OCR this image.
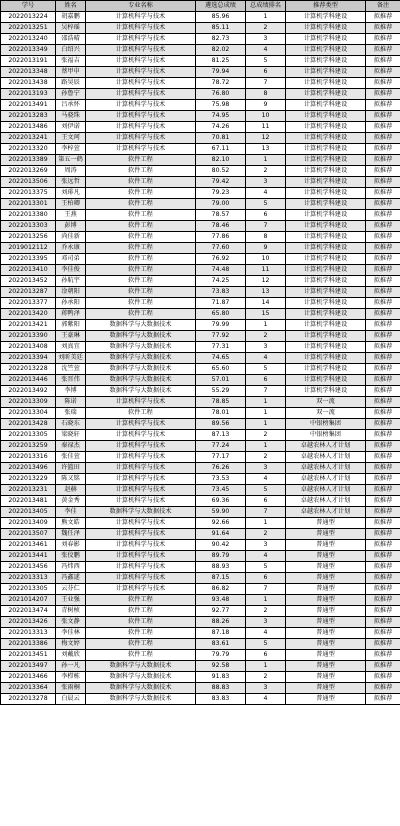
学号	姓名	专业名称	遴选总成绩	总成绩排名	推荐类型	备注
2022013224	胡嘉鹏	计算机科学与技术	85.96	1	计算机学科建设	拟推荐
2022013251	吴梓瑶	计算机科学与技术	85.11	2	计算机学科建设	拟推荐
2022013240	邵浩晴	计算机科学与技术	82.73	3	计算机学科建设	拟推荐
2022013349	白绍兴	计算机科学与技术	82.02	4	计算机学科建设	拟推荐
2022013191	张福吉	计算机科学与技术	81.25	5	计算机学科建设	拟推荐
2022013348	蔡甲申	计算机科学与技术	79.94	6	计算机学科建设	拟推荐
2022013438	路昊辰	计算机科学与技术	78.72	7	计算机学科建设	拟推荐
2022013193	孙鲁宁	计算机科学与技术	76.80	8	计算机学科建设	拟推荐
2022013491	吕承怀	计算机科学与技术	75.98	9	计算机学科建设	拟推荐
2022013283	马骁珠	计算机科学与技术	74.95	10	计算机学科建设	拟推荐
2022013486	刘伊诺	计算机科学与技术	74.26	11	计算机学科建设	拟推荐
2022013241	王文珂	计算机科学与技术	70.81	12	计算机学科建设	拟推荐
2022013320	李梓萱	计算机科学与技术	67.11	13	计算机学科建设	拟推荐
2022013389	第五一鹤	软件工程	82.10	1	计算机学科建设	拟推荐
2022013269	周涛	软件工程	80.52	2	计算机学科建设	拟推荐
2022013506	张远哲	软件工程	79.42	3	计算机学科建设	拟推荐
2022013375	刘琲凡	软件工程	79.23	4	计算机学科建设	拟推荐
2022013301	王柏卿	软件工程	79.00	5	计算机学科建设	拟推荐
2022013380	王燕	软件工程	78.57	6	计算机学科建设	拟推荐
2022013303	彭博	软件工程	78.46	7	计算机学科建设	拟推荐
2022013256	尚佳新	软件工程	77.86	8	计算机学科建设	拟推荐
2019012112	乔永康	软件工程	77.60	9	计算机学科建设	拟推荐
2022013395	邓司弟	软件工程	76.92	10	计算机学科建设	拟推荐
2022013410	李佳俊	软件工程	74.48	11	计算机学科建设	拟推荐
2022013452	孙航宇	软件工程	74.25	12	计算机学科建设	拟推荐
2022013287	淦朝阳	软件工程	73.83	13	计算机学科建设	拟推荐
2022013377	孙承阳	软件工程	71.87	14	计算机学科建设	拟推荐
2022013420	蒋鸭泽	软件工程	65.80	15	计算机学科建设	拟推荐
2022013421	郭紫阳	数据科学与大数据技术	79.99	1	计算机学科建设	拟推荐
2022013390	王豪琳	数据科学与大数据技术	77.92	2	计算机学科建设	拟推荐
2022013408	刘真宜	数据科学与大数据技术	77.31	3	计算机学科建设	拟推荐
2022013394	刘昕美廷	数据科学与大数据技术	74.65	4	计算机学科建设	拟推荐
2022013228	沈竺萱	数据科学与大数据技术	65.60	5	计算机学科建设	拟推荐
2022013446	张晋伟	数据科学与大数据技术	57.01	6	计算机学科建设	拟推荐
2022013492	李博	数据科学与大数据技术	55.29	7	计算机学科建设	拟推荐
2022013309	陈诺	计算机科学与技术	78.85	1	双一流	拟推荐
2022013304	张瑞	软件工程	78.01	1	双一流	拟推荐
2022013428	石晓东	计算机科学与技术	89.56	1	中银榜集团	拟推荐
2022013305	梁晓轩	计算机科学与技术	87.13	2	中银榜集团	拟推荐
2022013259	秦禄杰	计算机科学与技术	77.24	1	卓越农林人才计划	拟推荐
2022013316	张佳萱	计算机科学与技术	77.17	2	卓越农林人才计划	拟推荐
2022013496	许篮田	计算机科学与技术	76.26	3	卓越农林人才计划	拟推荐
2022013229	陈又铭	计算机科学与技术	73.53	4	卓越农林人才计划	拟推荐
2022013231	赵赫	计算机科学与技术	73.45	5	卓越农林人才计划	拟推荐
2022013481	黄金秀	计算机科学与技术	69.36	6	卓越农林人才计划	拟推荐
2022013405	李佳	数据科学与大数据技术	59.90	7	卓越农林人才计划	拟推荐
2022013409	熊文皓	计算机科学与技术	92.66	1	普通型	拟推荐
2022013507	魏任泽	计算机科学与技术	91.64	2	普通型	拟推荐
2022013461	刘春影	计算机科学与技术	90.42	3	普通型	拟推荐
2022013441	张佼鹏	计算机科学与技术	89.79	4	普通型	拟推荐
2022013456	冯炜西	计算机科学与技术	88.93	5	普通型	拟推荐
2022013313	冯鑫逑	计算机科学与技术	87.15	6	普通型	拟推荐
2022013305	云芬仁	计算机科学与技术	86.82	7	普通型	拟推荐
2021014207	王业强	软件工程	93.48	1	普通型	拟推荐
2022013474	青树桢	软件工程	92.77	2	普通型	拟推荐
2022013426	张文静	软件工程	88.26	3	普通型	拟推荐
2022013313	李佳林	软件工程	87.18	4	普通型	拟推荐
2022013386	梅文婷	软件工程	83.61	5	普通型	拟推荐
2022013451	刘戴欣	软件工程	79.79	6	普通型	拟推荐
2022013497	孙一凡	数据科学与大数据技术	92.58	1	普通型	拟推荐
2022013466	李栉栋	数据科学与大数据技术	91.83	2	普通型	拟推荐
2022013364	张雨桐	数据科学与大数据技术	88.83	3	普通型	拟推荐
2022013278	白晨云	数据科学与大数据技术	83.83	4	普通型	拟推荐
